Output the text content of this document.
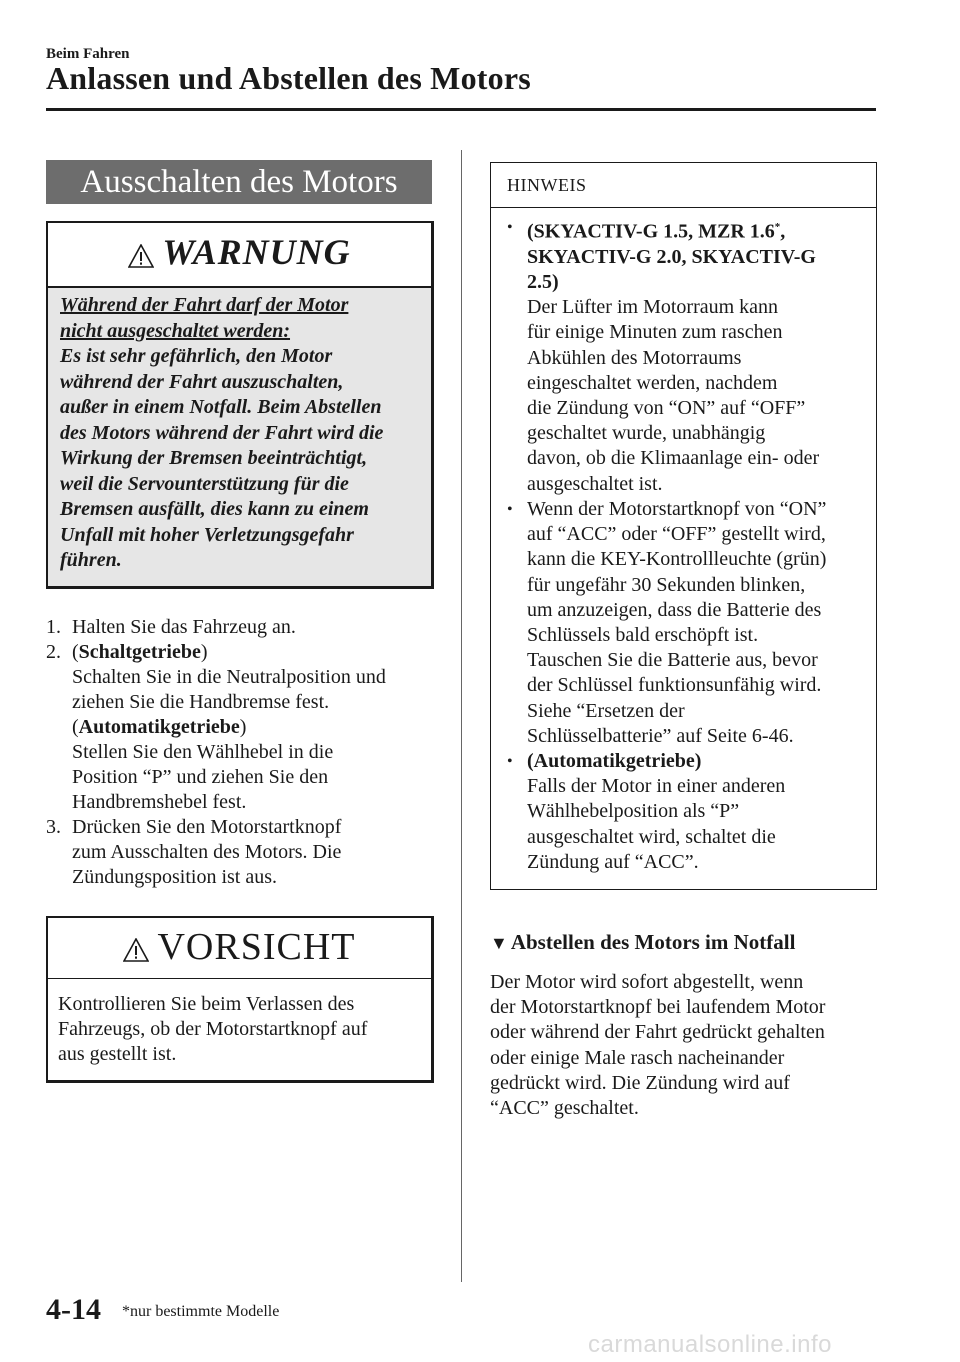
Beim Fahren
Anlassen und Abstellen des Motors
Ausschalten des Motors
WARNUNG
Während der Fahrt darf der Motor
nicht ausgeschaltet werden:
Es ist sehr gefährlich, den Motor
während der Fahrt auszuschalten,
außer in einem Notfall. Beim Abstellen
des Motors während der Fahrt wird die
Wirkung der Bremsen beeinträchtigt,
weil die Servounterstützung für die
Bremsen ausfällt, dies kann zu einem
Unfall mit hoher Verletzungsgefahr
führen.
1. Halten Sie das Fahrzeug an.
2. (Schaltgetriebe)
Schalten Sie in die Neutralposition und
ziehen Sie die Handbremse fest.
(Automatikgetriebe)
Stellen Sie den Wählhebel in die
Position “P” und ziehen Sie den
Handbremshebel fest.
3. Drücken Sie den Motorstartknopf
zum Ausschalten des Motors. Die
Zündungsposition ist aus.
VORSICHT
Kontrollieren Sie beim Verlassen des
Fahrzeugs, ob der Motorstartknopf auf
aus gestellt ist.
HINWEIS
• (SKYACTIV-G 1.5, MZR 1.6*,
SKYACTIV-G 2.0, SKYACTIV-G
2.5)
Der Lüfter im Motorraum kann
für einige Minuten zum raschen
Abkühlen des Motorraums
eingeschaltet werden, nachdem
die Zündung von “ON” auf “OFF”
geschaltet wurde, unabhängig
davon, ob die Klimaanlage ein- oder
ausgeschaltet ist.
• Wenn der Motorstartknopf von “ON”
auf “ACC” oder “OFF” gestellt wird,
kann die KEY-Kontrollleuchte (grün)
für ungefähr 30 Sekunden blinken,
um anzuzeigen, dass die Batterie des
Schlüssels bald erschöpft ist.
Tauschen Sie die Batterie aus, bevor
der Schlüssel funktionsunfähig wird.
Siehe “Ersetzen der
Schlüsselbatterie” auf Seite 6-46.
• (Automatikgetriebe)
Falls der Motor in einer anderen
Wählhebelposition als “P”
ausgeschaltet wird, schaltet die
Zündung auf “ACC”.
▼ Abstellen des Motors im Notfall
Der Motor wird sofort abgestellt, wenn
der Motorstartknopf bei laufendem Motor
oder während der Fahrt gedrückt gehalten
oder einige Male rasch nacheinander
gedrückt wird. Die Zündung wird auf
“ACC” geschaltet.
4-14 *nur bestimmte Modelle
carmanualsonline.info
